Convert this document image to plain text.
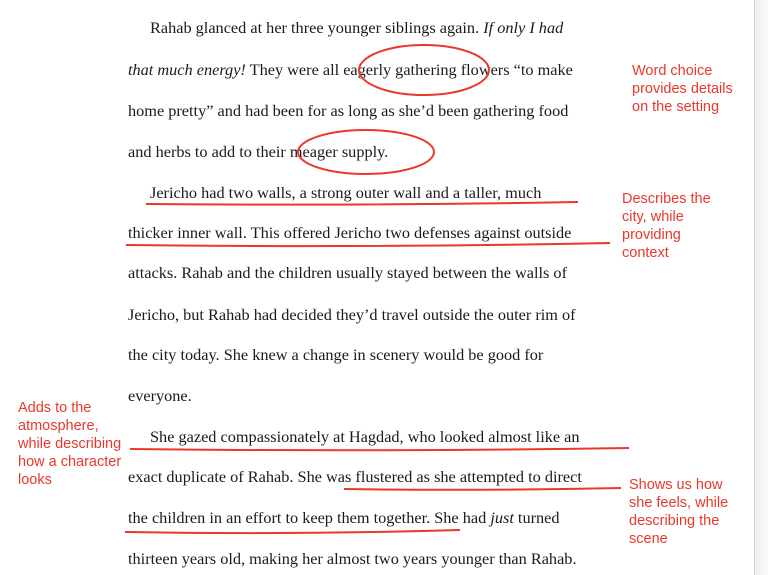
Rahab glanced at her three younger siblings again. If only I had
that much energy! They were all eagerly gathering flowers “to make
home pretty” and had been for as long as she’d been gathering food
and herbs to add to their meager supply.
Jericho had two walls, a strong outer wall and a taller, much
thicker inner wall. This offered Jericho two defenses against outside
attacks. Rahab and the children usually stayed between the walls of
Jericho, but Rahab had decided they’d travel outside the outer rim of
the city today. She knew a change in scenery would be good for
everyone.
She gazed compassionately at Hagdad, who looked almost like an
exact duplicate of Rahab. She was flustered as she attempted to direct
the children in an effort to keep them together. She had just turned
thirteen years old, making her almost two years younger than Rahab.
Word choice
provides details
on the setting
Describes the
city, while
providing
context
Adds to the
atmosphere,
while describing
how a character
looks	Shows us how
she feels, while
describing the
scene
